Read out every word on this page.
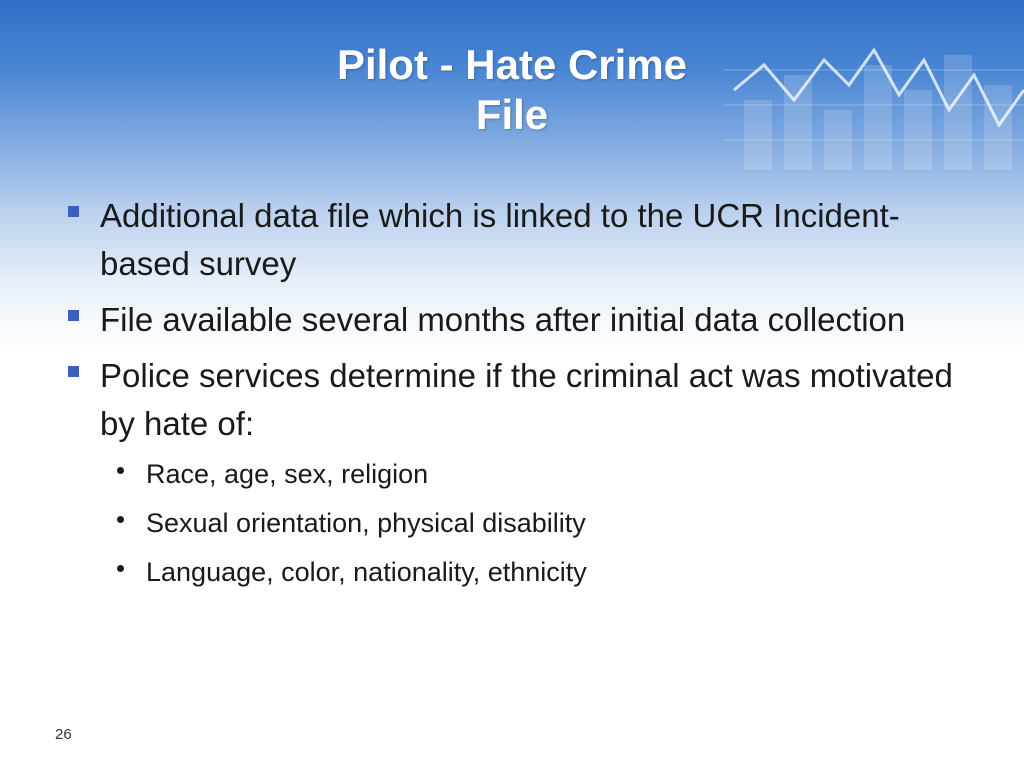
Pilot - Hate Crime
File
Additional data file which is linked to the UCR Incident-based survey
File available several months after initial data collection
Police services determine if the criminal act was motivated by hate of:
Race, age, sex, religion
Sexual orientation, physical disability
Language, color, nationality, ethnicity
26
